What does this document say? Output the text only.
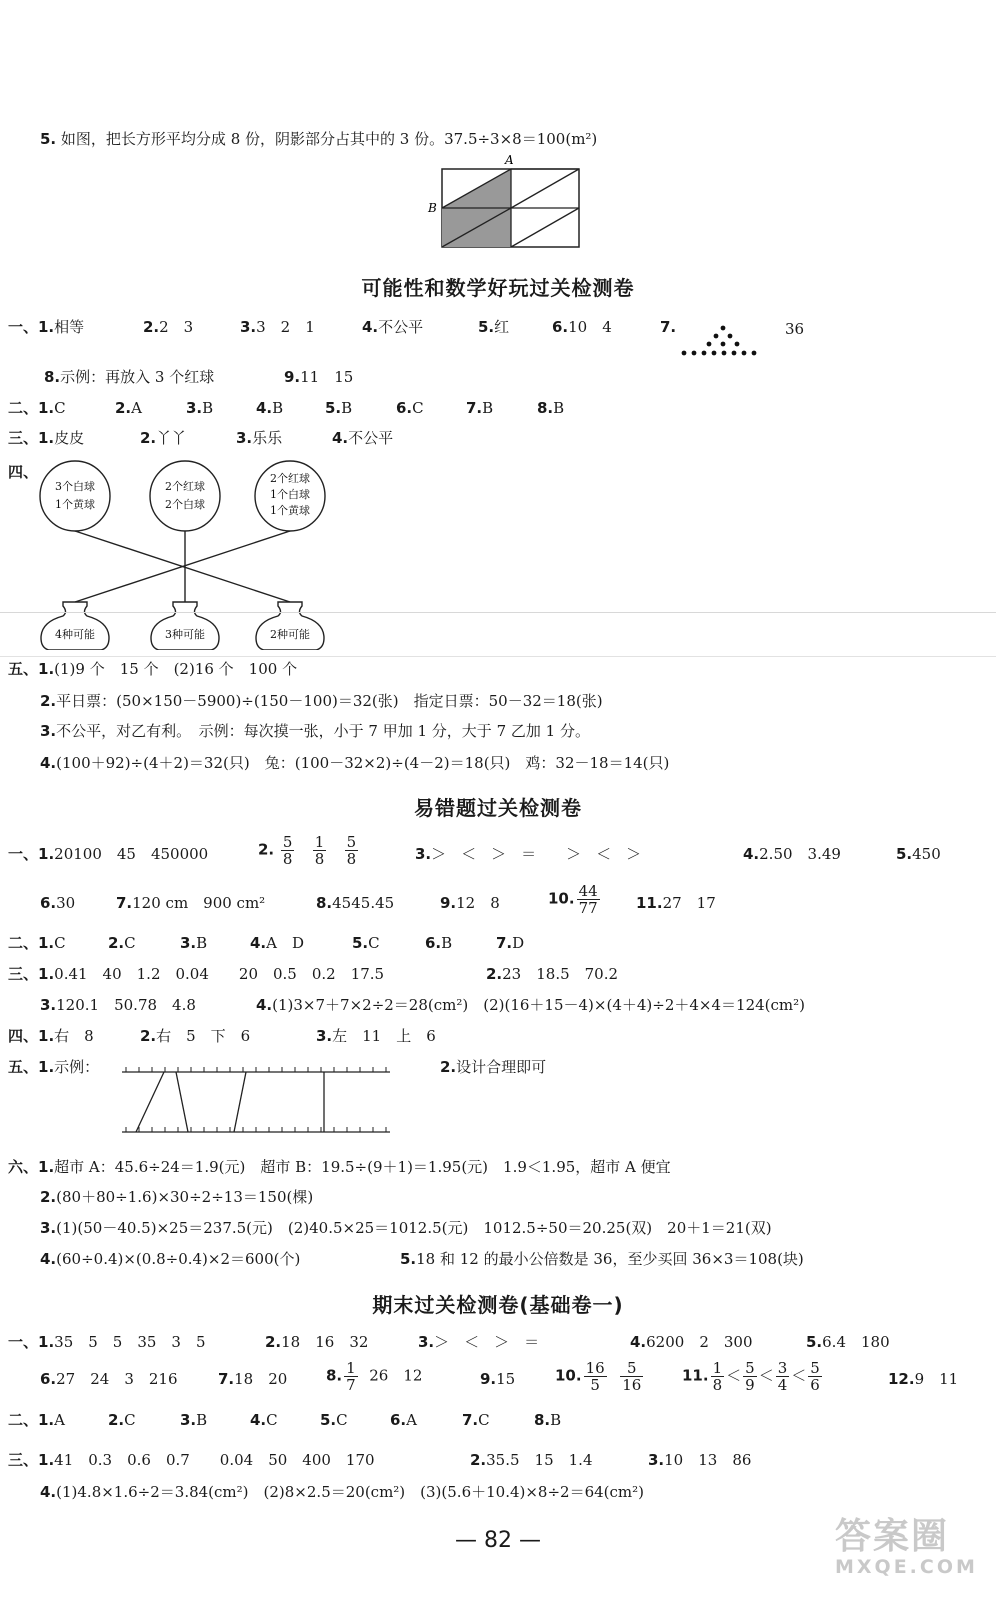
5. 如图，把长方形平均分成 8 份，阴影部分占其中的 3 份。37.5÷3×8＝100(m²)
A
B
可能性和数学好玩过关检测卷
一、 1.相等	2.2　3	3.3　2　1	4.不公平	5.红	6.10　4	7.	36
8.示例：再放入 3 个红球	9.11　15
二、 1.C	2.A	3.B	4.B	5.B	6.C	7.B	8.B
三、 1.皮皮	2.丫丫	3.乐乐	4.不公平
四、
3个白球
1个黄球
2个红球
2个白球
2个红球
1个白球
1个黄球
4种可能	3种可能	2种可能
五、1.(1)9 个　15 个　(2)16 个　100 个
2.平日票：(50×150－5900)÷(150－100)＝32(张)　指定日票：50－32＝18(张)
3.不公平，对乙有利。　示例：每次摸一张，小于 7 甲加 1 分，大于 7 乙加 1 分。
4.(100＋92)÷(4＋2)＝32(只)　兔：(100－32×2)÷(4－2)＝18(只)　鸡：32－18＝14(只)
易错题过关检测卷
一、1.20100　45　450000	2. $\frac{5}{8}$
$\frac{1}{8}$
$\frac{5}{8}$	3.＞　＜　＞　＝　　＞　＜　＞	4.2.50　3.49	5.450
6.30	7.120 cm　900 cm²	8.4545.45	9.12　8	10. $\frac{44}{77} 11.27$　17
二、 1.C	2.C	3.B	4.A　D	5.C	6.B	7.D
三、1.0.41　40　1.2　0.04　　20　0.5　0.2　17.5	2.23　18.5　70.2
3.120.1　50.78　4.8	4.(1)3×7＋7×2÷2＝28(cm²)　(2)(16＋15－4)×(4＋4)÷2＋4×4＝124(cm²)
四、1.右　8	2.右　5　下　6	3.左　11　上　6
五、1.示例：	2.设计合理即可
六、1.超市 A：45.6÷24＝1.9(元)　超市 B：19.5÷(9＋1)＝1.95(元)　1.9＜1.95，超市 A 便宜
2.(80＋80÷1.6)×30÷2÷13＝150(棵)
3.(1)(50－40.5)×25＝237.5(元)　(2)40.5×25＝1012.5(元)　1012.5÷50＝20.25(双)　20＋1＝21(双)
4.(60÷0.4)×(0.8÷0.4)×2＝600(个)	5.18 和 12 的最小公倍数是 36，至少买回 36×3＝108(块)
期末过关检测卷(基础卷一)
一、1.35　5　5　35　3　5	2.18　16　32	3.＞　＜　＞　＝	4.6200　2　300	5.6.4　180
6.27　24　3　216	7.18　20	8. $\frac{1}{7} 26$　12	9.15	10. $\frac{16}{5}$
$\frac{5}{16}$	11. $\frac{1}{8} < \frac{5}{9} < \frac{3}{4} < \frac{5}{6}$	12.9　11
二、 1.A	2.C	3.B	4.C	5.C	6.A	7.C	8.B
三、1.41　0.3　0.6　0.7　　0.04　50　400　170	2.35.5　15　1.4	3.10　13　86
4.(1)4.8×1.6÷2＝3.84(cm²)　(2)8×2.5＝20(cm²)　(3)(5.6＋10.4)×8÷2＝64(cm²)
— 82 —	答案圈
MXQE.COM
